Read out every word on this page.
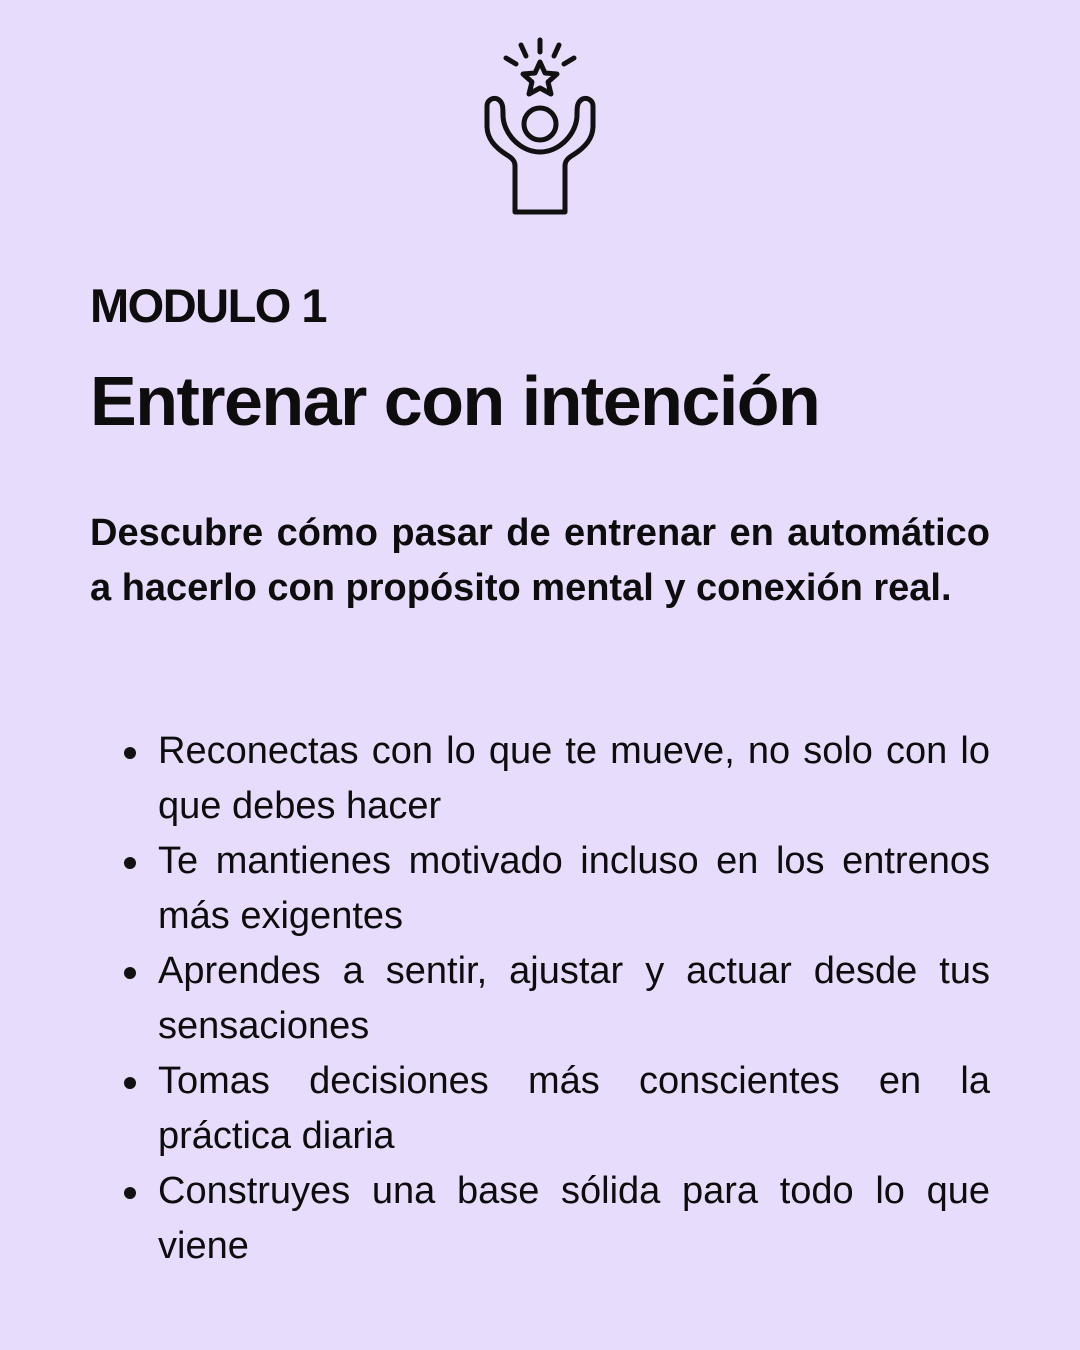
MODULO 1
Entrenar con intención

Descubre cómo pasar de entrenar en automático a hacerlo con propósito mental y conexión real.

Reconectas con lo que te mueve, no solo con lo que debes hacer
Te mantienes motivado incluso en los entrenos más exigentes
Aprendes a sentir, ajustar y actuar desde tus sensaciones
Tomas decisiones más conscientes en la práctica diaria
Construyes una base sólida para todo lo que viene
